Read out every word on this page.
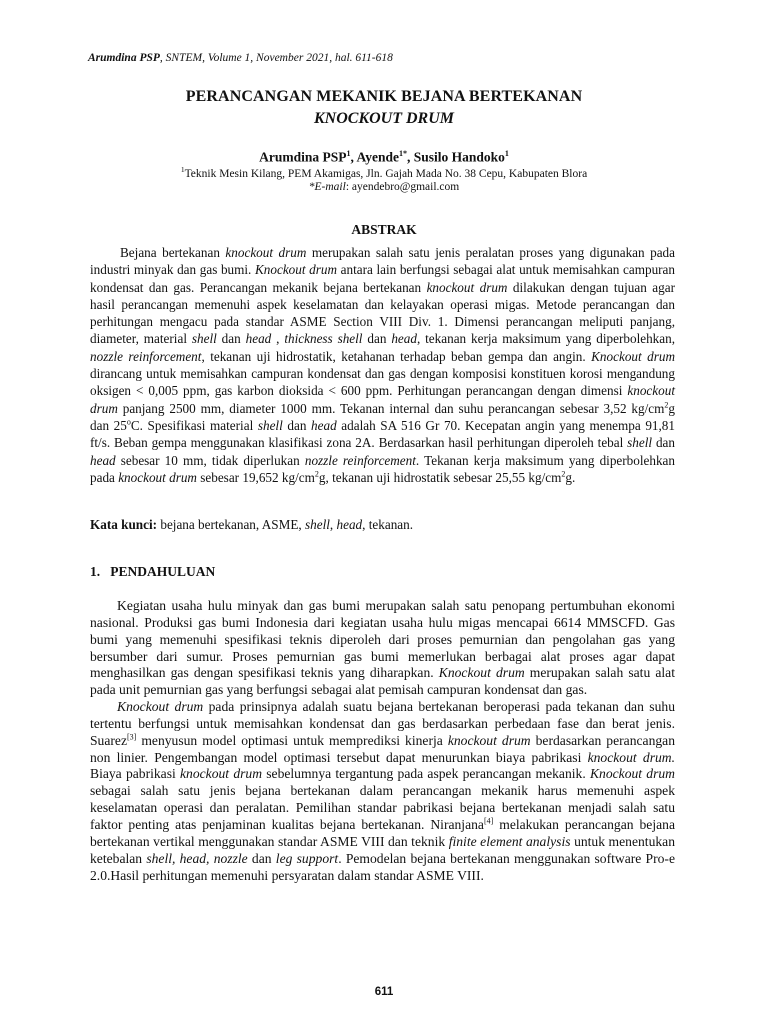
Arumdina PSP, SNTEM, Volume 1, November 2021, hal. 611-618
PERANCANGAN MEKANIK BEJANA BERTEKANAN
KNOCKOUT DRUM
Arumdina PSP$^1$, Ayende$^{1*}$, Susilo Handoko$^1$
$^1$Teknik Mesin Kilang, PEM Akamigas, Jln. Gajah Mada No. 38 Cepu, Kabupaten Blora
*E-mail: ayendebro@gmail.com
ABSTRAK

Bejana bertekanan knockout drum merupakan salah satu jenis peralatan proses yang digunakan pada industri minyak dan gas bumi. Knockout drum antara lain berfungsi sebagai alat untuk memisahkan campuran kondensat dan gas. Perancangan mekanik bejana bertekanan knockout drum dilakukan dengan tujuan agar hasil perancangan memenuhi aspek keselamatan dan kelayakan operasi migas. Metode perancangan dan perhitungan mengacu pada standar ASME Section VIII Div. 1. Dimensi perancangan meliputi panjang, diameter, material shell dan head , thickness shell dan head, tekanan kerja maksimum yang diperbolehkan, nozzle reinforcement, tekanan uji hidrostatik, ketahanan terhadap beban gempa dan angin. Knockout drum dirancang untuk memisahkan campuran kondensat dan gas dengan komposisi konstituen korosi mengandung oksigen < 0,005 ppm, gas karbon dioksida < 600 ppm. Perhitungan perancangan dengan dimensi knockout drum panjang 2500 mm, diameter 1000 mm. Tekanan internal dan suhu perancangan sebesar 3,52 $kg/cm^2g$ dan 25$^o$C. Spesifikasi material shell dan head adalah SA 516 Gr 70. Kecepatan angin yang menempa 91,81 ft/s. Beban gempa menggunakan klasifikasi zona 2A. Berdasarkan hasil perhitungan diperoleh tebal shell dan head sebesar 10 mm, tidak diperlukan nozzle reinforcement. Tekanan kerja maksimum yang diperbolehkan pada knockout drum sebesar 19,652 $kg/cm^2g$, tekanan uji hidrostatik sebesar 25,55 $kg/cm^2g$.

Kata kunci: bejana bertekanan, ASME, shell, head, tekanan.
1.   PENDAHULUAN

Kegiatan usaha hulu minyak dan gas bumi merupakan salah satu penopang pertumbuhan ekonomi nasional. Produksi gas bumi Indonesia dari kegiatan usaha hulu migas mencapai 6614 MMSCFD. Gas bumi yang memenuhi spesifikasi teknis diperoleh dari proses pemurnian dan pengolahan gas yang bersumber dari sumur. Proses pemurnian gas bumi memerlukan berbagai alat proses agar dapat menghasilkan gas dengan spesifikasi teknis yang diharapkan. Knockout drum merupakan salah satu alat pada unit pemurnian gas yang berfungsi sebagai alat pemisah campuran kondensat dan gas.

Knockout drum pada prinsipnya adalah suatu bejana bertekanan beroperasi pada tekanan dan suhu tertentu berfungsi untuk memisahkan kondensat dan gas berdasarkan perbedaan fase dan berat jenis. Suarez[3] menyusun model optimasi untuk memprediksi kinerja knockout drum berdasarkan perancangan non linier. Pengembangan model optimasi tersebut dapat menurunkan biaya pabrikasi knockout drum. Biaya pabrikasi knockout drum sebelumnya tergantung pada aspek perancangan mekanik. Knockout drum sebagai salah satu jenis bejana bertekanan dalam perancangan mekanik harus memenuhi aspek keselamatan operasi dan peralatan. Pemilihan standar pabrikasi bejana bertekanan menjadi salah satu faktor penting atas penjaminan kualitas bejana bertekanan. Niranjana[4] melakukan perancangan bejana bertekanan vertikal menggunakan standar ASME VIII dan teknik finite element analysis untuk menentukan ketebalan shell, head, nozzle dan leg support. Pemodelan bejana bertekanan menggunakan software Pro-e 2.0.Hasil perhitungan memenuhi persyaratan dalam standar ASME VIII.

611
